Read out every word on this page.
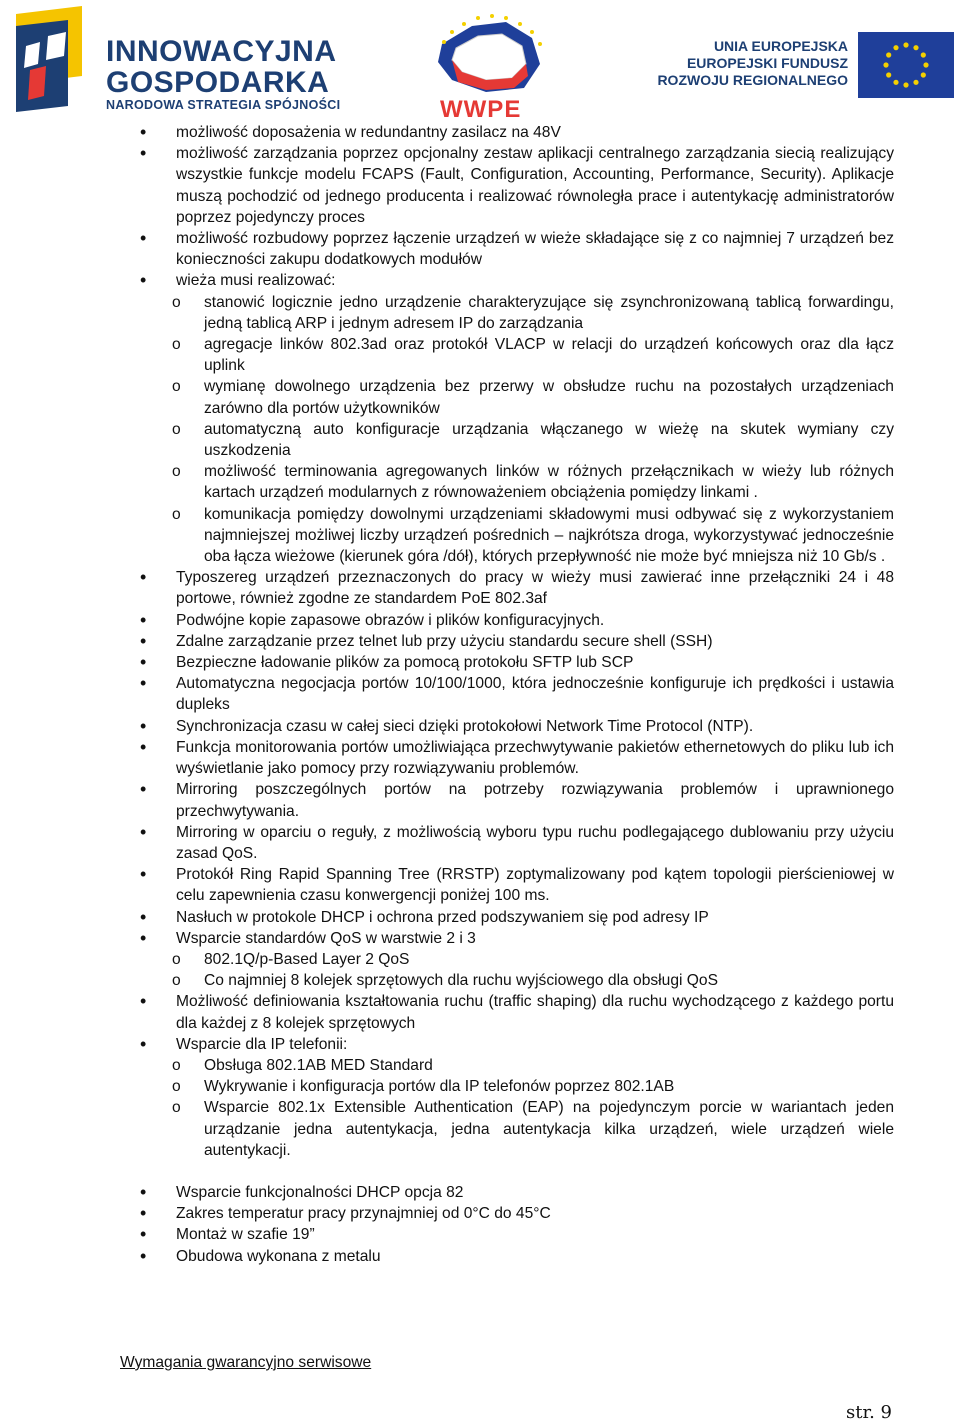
INNOWACYJNA
GOSPODARKA
NARODOWA STRATEGIA SPÓJNOŚCI	WWPE
UNIA EUROPEJSKA
EUROPEJSKI FUNDUSZ
ROZWOJU REGIONALNEGO
• możliwość doposażenia w redundantny zasilacz na 48V
• możliwość zarządzania poprzez opcjonalny zestaw aplikacji centralnego zarządzania siecią realizujący wszystkie funkcje modelu FCAPS (Fault, Configuration, Accounting, Performance, Security). Aplikacje muszą pochodzić od jednego producenta i realizować równoległa prace i autentykację administratorów poprzez pojedynczy proces
• możliwość rozbudowy poprzez łączenie urządzeń w wieże składające się z co najmniej 7 urządzeń bez konieczności zakupu dodatkowych modułów
• wieża musi realizować:
o stanowić logicznie jedno urządzenie charakteryzujące się zsynchronizowaną tablicą forwardingu, jedną tablicą ARP i jednym adresem IP do zarządzania
o agregacje linków 802.3ad oraz protokół VLACP w relacji do urządzeń końcowych oraz dla łącz uplink
o wymianę dowolnego urządzenia bez przerwy w obsłudze ruchu na pozostałych urządzeniach zarówno dla portów użytkowników
o automatyczną auto konfiguracje urządzania włączanego w wieżę na skutek wymiany czy uszkodzenia
o możliwość terminowania agregowanych linków w różnych przełącznikach w wieży lub różnych kartach urządzeń modularnych z równoważeniem obciążenia pomiędzy linkami .
o komunikacja pomiędzy dowolnymi urządzeniami składowymi musi odbywać się z wykorzystaniem najmniejszej możliwej liczby urządzeń pośrednich – najkrótsza droga, wykorzystywać jednocześnie oba łącza wieżowe (kierunek góra /dół), których przepływność nie może być mniejsza niż 10 Gb/s .
• Typoszereg urządzeń przeznaczonych do pracy w wieży musi zawierać inne przełączniki 24 i 48 portowe, również zgodne ze standardem PoE 802.3af
• Podwójne kopie zapasowe obrazów i plików konfiguracyjnych.
• Zdalne zarządzanie przez telnet lub przy użyciu standardu secure shell (SSH)
• Bezpieczne ładowanie plików za pomocą protokołu SFTP lub SCP
• Automatyczna negocjacja portów 10/100/1000, która jednocześnie konfiguruje ich prędkości i ustawia dupleks
• Synchronizacja czasu w całej sieci dzięki protokołowi Network Time Protocol (NTP).
• Funkcja monitorowania portów umożliwiająca przechwytywanie pakietów ethernetowych do pliku lub ich wyświetlanie jako pomocy przy rozwiązywaniu problemów.
• Mirroring poszczególnych portów na potrzeby rozwiązywania problemów i uprawnionego przechwytywania.
• Mirroring w oparciu o reguły, z możliwością wyboru typu ruchu podlegającego dublowaniu przy użyciu zasad QoS.
• Protokół Ring Rapid Spanning Tree (RRSTP) zoptymalizowany pod kątem topologii pierścieniowej w celu zapewnienia czasu konwergencji poniżej 100 ms.
• Nasłuch w protokole DHCP i ochrona przed podszywaniem się pod adresy IP
• Wsparcie standardów QoS w warstwie 2 i 3
o 802.1Q/p-Based Layer 2 QoS
o Co najmniej 8 kolejek sprzętowych dla ruchu wyjściowego dla obsługi QoS
• Możliwość definiowania kształtowania ruchu (traffic shaping) dla ruchu wychodzącego z każdego portu dla każdej z 8 kolejek sprzętowych
• Wsparcie dla IP telefonii:
o Obsługa 802.1AB MED Standard
o Wykrywanie i konfiguracja portów dla IP telefonów poprzez 802.1AB
o Wsparcie 802.1x Extensible Authentication (EAP) na pojedynczym porcie w wariantach jeden urządzanie jedna autentykacja, jedna autentykacja kilka urządzeń, wiele urządzeń wiele autentykacji.
• Wsparcie funkcjonalności DHCP opcja 82
• Zakres temperatur pracy przynajmniej od 0°C do 45°C
• Montaż w szafie 19”
• Obudowa wykonana z metalu
Wymagania gwarancyjno serwisowe
str. 9
